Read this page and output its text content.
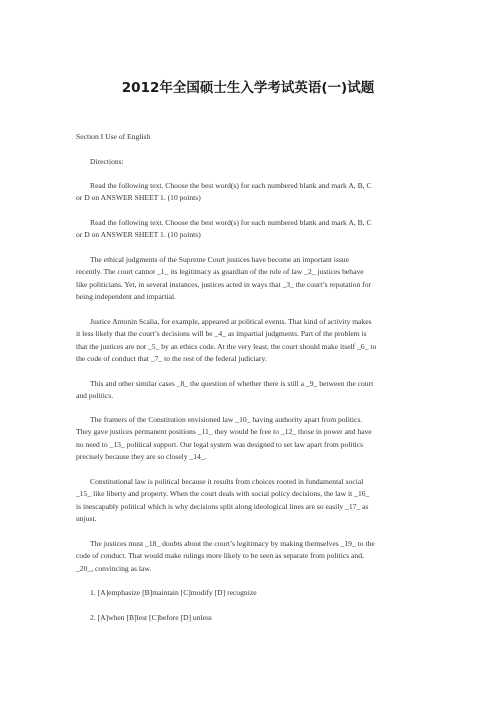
2012年全国硕士生入学考试英语(一)试题

Section I Use of English

Directions:

Read the following text. Choose the best word(s) for each numbered blank and mark A, B, C
or D on ANSWER SHEET 1. (10 points)

Read the following text. Choose the best word(s) for each numbered blank and mark A, B, C
or D on ANSWER SHEET 1. (10 points)

The ethical judgments of the Supreme Court justices have become an important issue
recently. The court cannot _1_ its legitimacy as guardian of the rule of law _2_ justices behave
like politicians. Yet, in several instances, justices acted in ways that _3_ the court’s reputation for
being independent and impartial.

Justice Antonin Scalia, for example, appeared at political events. That kind of activity makes
it less likely that the court’s decisions will be _4_ as impartial judgments. Part of the problem is
that the justices are not _5_ by an ethics code. At the very least, the court should make itself _6_ to
the code of conduct that _7_ to the rest of the federal judiciary.

This and other similar cases _8_ the question of whether there is still a _9_ between the court
and politics.

The framers of the Constitution envisioned law _10_ having authority apart from politics.
They gave justices permanent positions _11_ they would be free to _12_ those in power and have
no need to _13_ political support. Our legal system was designed to set law apart from politics
precisely because they are so closely _14_.

Constitutional law is political because it results from choices rooted in fundamental social
_15_ like liberty and property. When the court deals with social policy decisions, the law it _16_
is inescapably political which is why decisions split along ideological lines are so easily _17_ as
unjust.

The justices must _18_ doubts about the court’s legitimacy by making themselves _19_ to the
code of conduct. That would make rulings more likely to be seen as separate from politics and,
_20_, convincing as law.

1. [A]emphasize [B]maintain [C]modify [D] recognize

2. [A]when [B]lest [C]before [D] unless
